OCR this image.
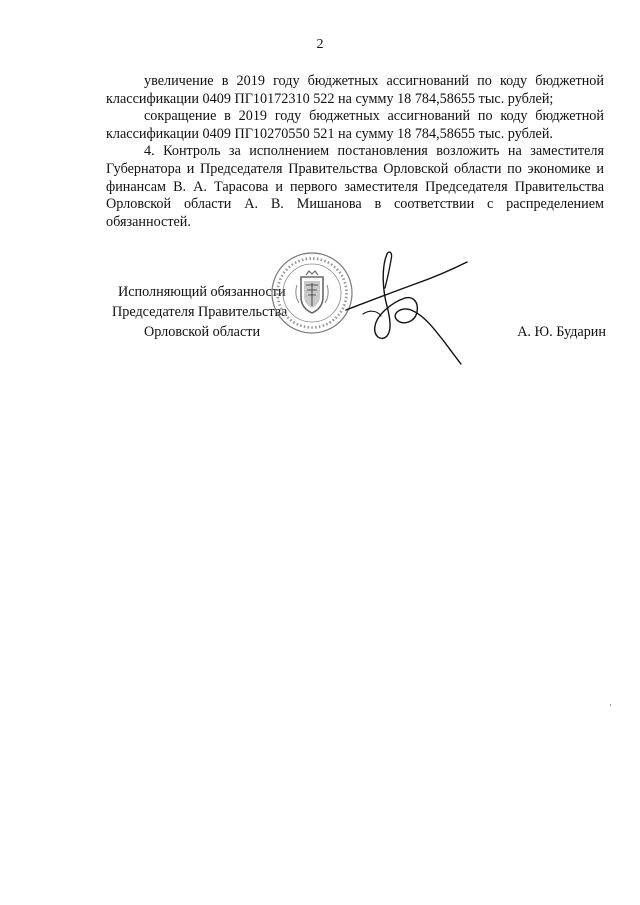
2

увеличение в 2019 году бюджетных ассигнований по коду бюджетной классификации 0409 ПГ10172310 522 на сумму 18 784,58655 тыс. рублей;

сокращение в 2019 году бюджетных ассигнований по коду бюджетной классификации 0409 ПГ10270550 521 на сумму 18 784,58655 тыс. рублей.

4. Контроль за исполнением постановления возложить на заместителя Губернатора и Председателя Правительства Орловской области по экономике и финансам В. А. Тарасова и первого заместителя Председателя Правительства Орловской области А. В. Мишанова в соответствии с распределением обязанностей.

Исполняющий обязанности
Председателя Правительства
Орловской области	А. Ю. Бударин
